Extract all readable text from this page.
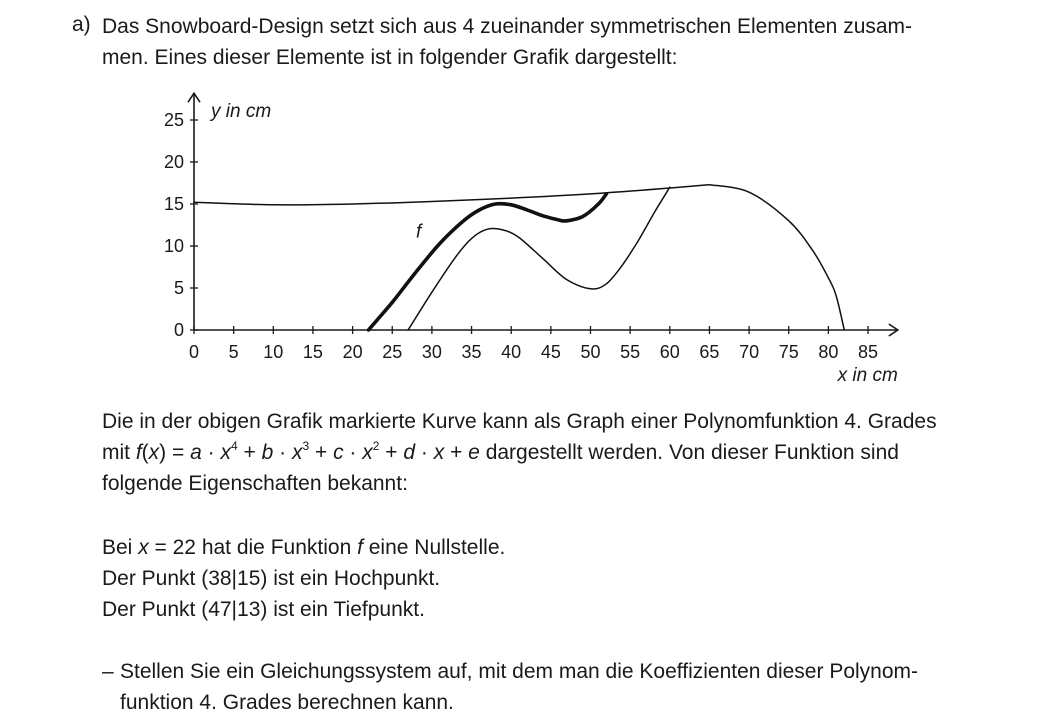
a) Das Snowboard-Design setzt sich aus 4 zueinander symmetrischen Elementen zusam-

men. Eines dieser Elemente ist in folgender Grafik dargestellt:

0 5 10 15 20 25 30 35 40 45 50 55 60 65 70 75 80 85
0
5
10
15
20
25
x in cm
y in cm
f

Die in der obigen Grafik markierte Kurve kann als Graph einer Polynomfunktion 4. Grades

mit $f(x) = a \cdot x^4 + b \cdot x^3 + c \cdot x^2 + d \cdot x + e$ dargestellt werden. Von dieser Funktion sind

folgende Eigenschaften bekannt:

Bei x = 22 hat die Funktion f eine Nullstelle.

Der Punkt (38|15) ist ein Hochpunkt.

Der Punkt (47|13) ist ein Tiefpunkt.

– Stellen Sie ein Gleichungssystem auf, mit dem man die Koeffizienten dieser Polynom-
funktion 4. Grades berechnen kann.
